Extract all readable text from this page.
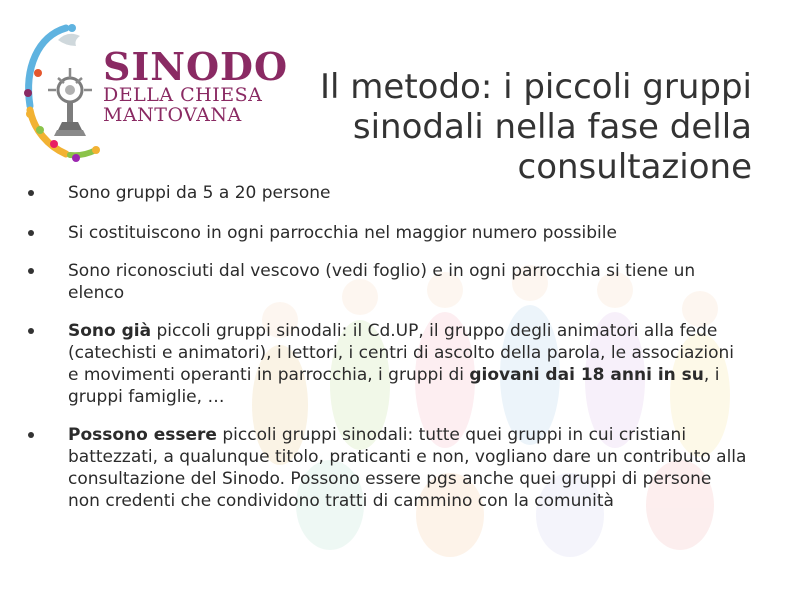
SINODO
DELLA CHIESA
MANTOVANA
Il metodo: i piccoli gruppi
sinodali nella fase della
consultazione
Sono gruppi da 5 a 20 persone
Si costituiscono in ogni parrocchia nel maggior numero possibile
Sono riconosciuti dal vescovo (vedi foglio) e in ogni parrocchia si tiene un elenco
Sono già piccoli gruppi sinodali: il Cd.UP, il gruppo degli animatori alla fede (catechisti e animatori), i lettori, i centri di ascolto della parola, le associazioni e movimenti operanti in parrocchia, i gruppi di giovani dai 18 anni in su, i gruppi famiglie, …
Possono essere piccoli gruppi sinodali: tutte quei gruppi in cui cristiani battezzati, a qualunque titolo, praticanti e non, vogliano dare un contributo alla consultazione del Sinodo. Possono essere pgs anche quei gruppi di persone non credenti che condividono tratti di cammino con la comunità
